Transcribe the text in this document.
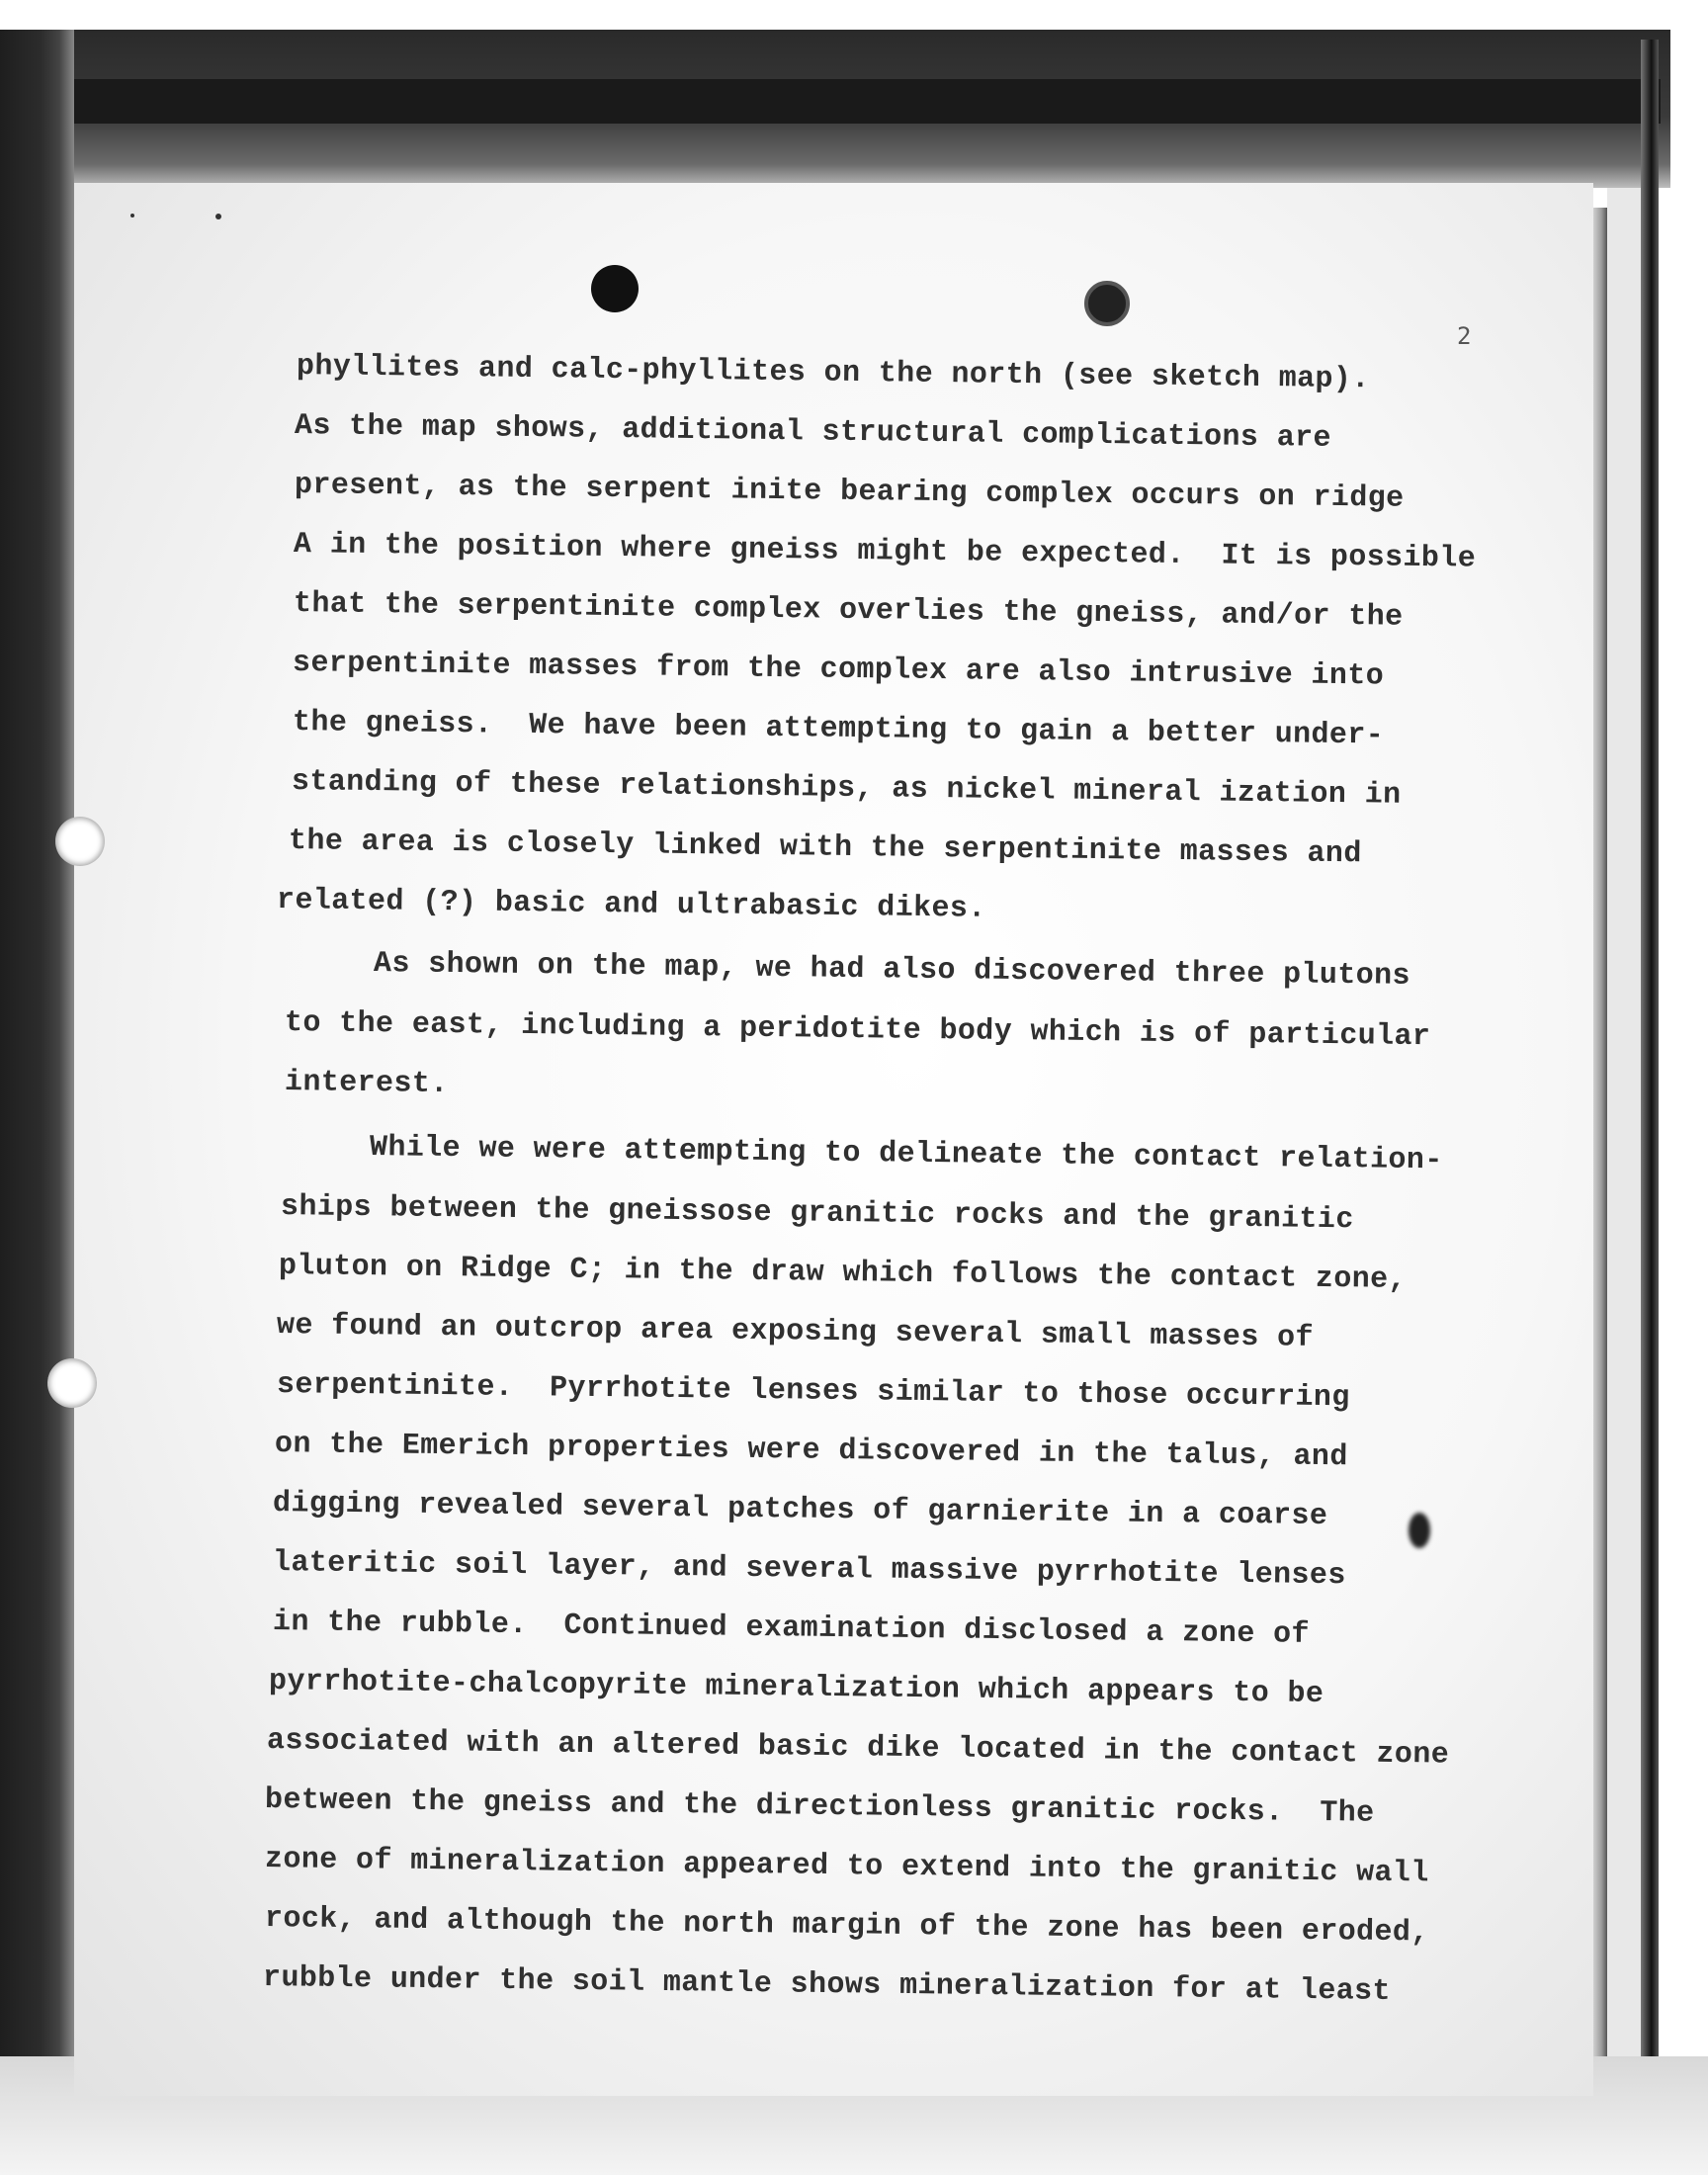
2
phyllites and calc-phyllites on the north (see sketch map).
As the map shows, additional structural complications are
present, as the serpent inite bearing complex occurs on ridge
A in the position where gneiss might be expected.  It is possible
that the serpentinite complex overlies the gneiss, and/or the
serpentinite masses from the complex are also intrusive into
the gneiss.  We have been attempting to gain a better under-
standing of these relationships, as nickel mineral ization in
the area is closely linked with the serpentinite masses and
related (?) basic and ultrabasic dikes.
As shown on the map, we had also discovered three plutons
to the east, including a peridotite body which is of particular
interest.
While we were attempting to delineate the contact relation-
ships between the gneissose granitic rocks and the granitic
pluton on Ridge C; in the draw which follows the contact zone,
we found an outcrop area exposing several small masses of
serpentinite.  Pyrrhotite lenses similar to those occurring
on the Emerich properties were discovered in the talus, and
digging revealed several patches of garnierite in a coarse
lateritic soil layer, and several massive pyrrhotite lenses
in the rubble.  Continued examination disclosed a zone of
pyrrhotite-chalcopyrite mineralization which appears to be
associated with an altered basic dike located in the contact zone
between the gneiss and the directionless granitic rocks.  The
zone of mineralization appeared to extend into the granitic wall
rock, and although the north margin of the zone has been eroded,
rubble under the soil mantle shows mineralization for at least
